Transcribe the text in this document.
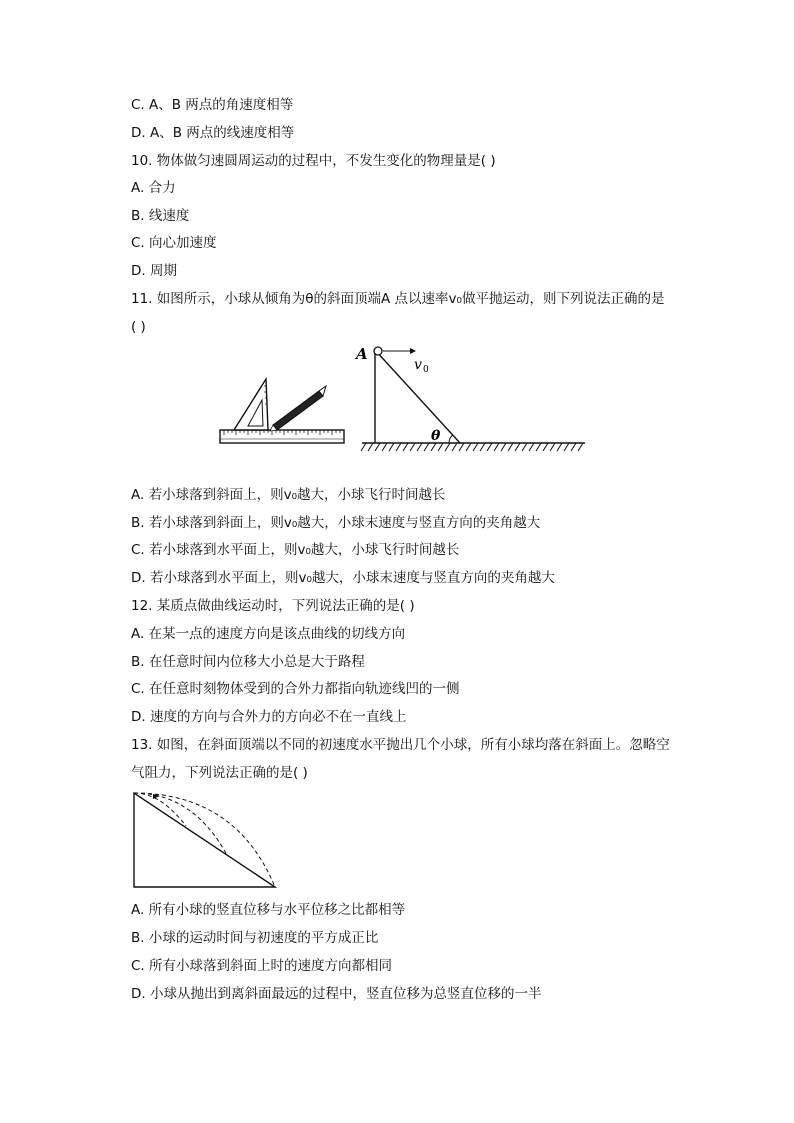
C. A、B 两点的角速度相等
D. A、B 两点的线速度相等
10. 物体做匀速圆周运动的过程中，不发生变化的物理量是( )
A. 合力
B. 线速度
C. 向心加速度
D. 周期
11. 如图所示，小球从倾角为θ的斜面顶端A 点以速率v₀做平抛运动，则下列说法正确的是
( )
A
v 0
θ
A. 若小球落到斜面上，则v₀越大，小球飞行时间越长
B. 若小球落到斜面上，则v₀越大，小球末速度与竖直方向的夹角越大
C. 若小球落到水平面上，则v₀越大，小球飞行时间越长
D. 若小球落到水平面上，则v₀越大，小球末速度与竖直方向的夹角越大
12. 某质点做曲线运动时，下列说法正确的是( )
A. 在某一点的速度方向是该点曲线的切线方向
B. 在任意时间内位移大小总是大于路程
C. 在任意时刻物体受到的合外力都指向轨迹线凹的一侧
D. 速度的方向与合外力的方向必不在一直线上
13. 如图，在斜面顶端以不同的初速度水平抛出几个小球，所有小球均落在斜面上。忽略空
气阻力，下列说法正确的是( )
A. 所有小球的竖直位移与水平位移之比都相等
B. 小球的运动时间与初速度的平方成正比
C. 所有小球落到斜面上时的速度方向都相同
D. 小球从抛出到离斜面最远的过程中，竖直位移为总竖直位移的一半
